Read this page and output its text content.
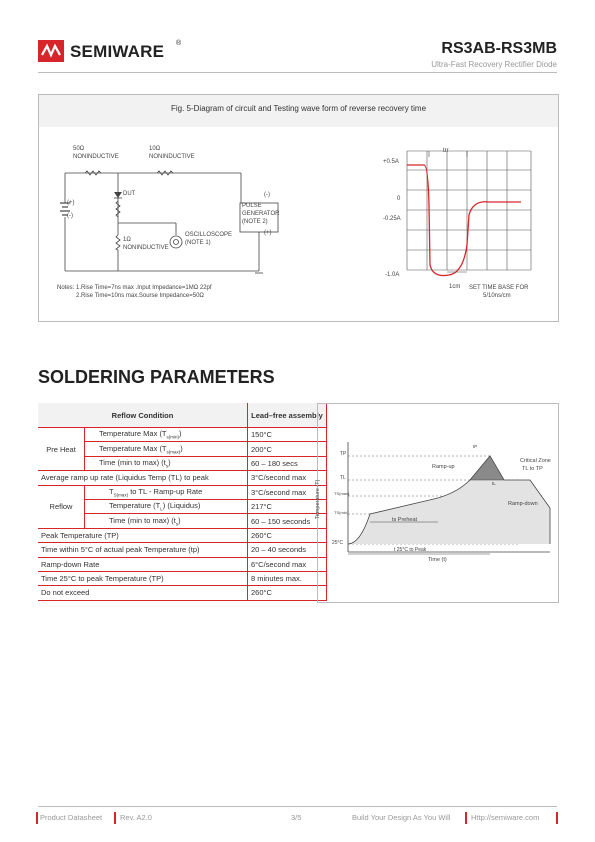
SEMIWARE ®	RS3AB-RS3MB
Ultra-Fast Recovery Rectifier Diode
Fig. 5-Diagram of circuit and Testing wave form of reverse recovery time
50Ω
NONINDUCTIVE
10Ω
NONINDUCTIVE
DUT
1Ω
NONINDUCTIVE
OSCILLOSCOPE
(NOTE 1)
PULSE
GENERATOR
(NOTE 2)
(-)
(+)
(+)
(-)
Notes: 1.Rise Time=7ns max .Input Impedance=1MΩ 22pf
2.Rise Time=10ns max.Sourse Impedance=50Ω
+0.5A
0
-0.25A
-1.0A
trr
1cm SET TIME BASE FOR
5/10ns/cm
SOLDERING PARAMETERS
Reflow Condition		Lead–free assembly
Pre Heat	Temperature Max $(T_{s(min)})$	150°C
	Temperature Max $(T_{s(max)})$	200°C
	Time (min to max) $(t_s)$	60 – 180 secs
Average ramp up rate (Liquidus Temp (TL) to peak		3°C/second max
Reflow	$T_{S(max)}$ to TL - Ramp-up Rate	3°C/second max
	Temperature $(T_L)$ (Liquidus)	217°C
	Time (min to max) $(t_s)$	60 – 150 seconds
Peak Temperature (TP)		260°C
Time within 5°C of actual peak Temperature (tp)		20 – 40 seconds
Ramp-down Rate		6°C/second max
Time 25°C to peak Temperature (TP)		8 minutes max.
Do not exceed		260°C
Temperature (T)
Time (t)
TP
TL
TS(max)
TS(min)
25°C
Ramp-up
Ramp-down
Critical Zone
TL to TP
ts Preheat
tP
tL
t 25°C to Peak
Product Datasheet Rev. A2.0	3/5	Build Your Design As You Will	Http://semiware.com
